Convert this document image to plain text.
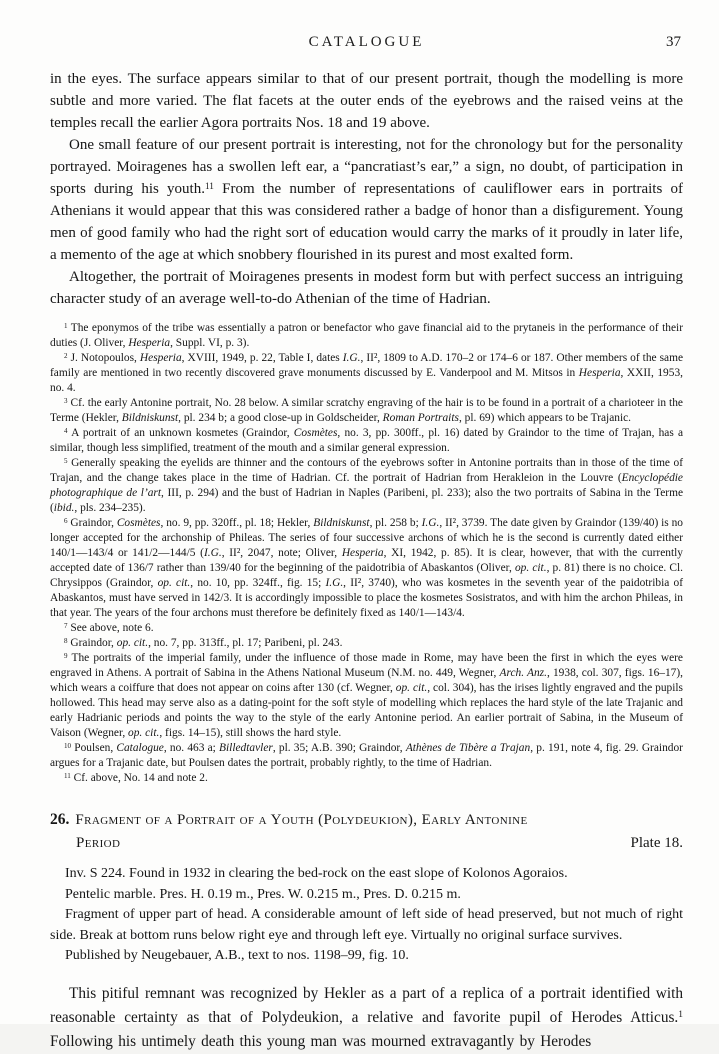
CATALOGUE	37

in the eyes. The surface appears similar to that of our present portrait, though the modelling is more subtle and more varied. The flat facets at the outer ends of the eyebrows and the raised veins at the temples recall the earlier Agora portraits Nos. 18 and 19 above.

One small feature of our present portrait is interesting, not for the chronology but for the personality portrayed. Moiragenes has a swollen left ear, a “pancratiast’s ear,” a sign, no doubt, of participation in sports during his youth.$^{11}$ From the number of representations of cauliflower ears in portraits of Athenians it would appear that this was considered rather a badge of honor than a disfigurement. Young men of good family who had the right sort of education would carry the marks of it proudly in later life, a memento of the age at which snobbery flourished in its purest and most exalted form.

Altogether, the portrait of Moiragenes presents in modest form but with perfect success an intriguing character study of an average well-to-do Athenian of the time of Hadrian.

$^1$ The eponymos of the tribe was essentially a patron or benefactor who gave financial aid to the prytaneis in the performance of their duties (J. Oliver, Hesperia, Suppl. VI, p. 3).

$^2$ J. Notopoulos, Hesperia, XVIII, 1949, p. 22, Table I, dates I.G., II², 1809 to A.D. 170–2 or 174–6 or 187. Other members of the same family are mentioned in two recently discovered grave monuments discussed by E. Vanderpool and M. Mitsos in Hesperia, XXII, 1953, no. 4.

$^3$ Cf. the early Antonine portrait, No. 28 below. A similar scratchy engraving of the hair is to be found in a portrait of a charioteer in the Terme (Hekler, Bildniskunst, pl. 234 b; a good close-up in Goldscheider, Roman Portraits, pl. 69) which appears to be Trajanic.

$^4$ A portrait of an unknown kosmetes (Graindor, Cosmètes, no. 3, pp. 300ff., pl. 16) dated by Graindor to the time of Trajan, has a similar, though less simplified, treatment of the mouth and a similar general expression.

$^5$ Generally speaking the eyelids are thinner and the contours of the eyebrows softer in Antonine portraits than in those of the time of Trajan, and the change takes place in the time of Hadrian. Cf. the portrait of Hadrian from Herakleion in the Louvre (Encyclopédie photographique de l’art, III, p. 294) and the bust of Hadrian in Naples (Paribeni, pl. 233); also the two portraits of Sabina in the Terme (ibid., pls. 234–235).

$^6$ Graindor, Cosmètes, no. 9, pp. 320ff., pl. 18; Hekler, Bildniskunst, pl. 258 b; I.G., II², 3739. The date given by Graindor (139/40) is no longer accepted for the archonship of Phileas. The series of four successive archons of which he is the second is currently dated either 140/1—143/4 or 141/2—144/5 (I.G., II², 2047, note; Oliver, Hesperia, XI, 1942, p. 85). It is clear, however, that with the currently accepted date of 136/7 rather than 139/40 for the beginning of the paidotribia of Abaskantos (Oliver, op. cit., p. 81) there is no choice. Cl. Chrysippos (Graindor, op. cit., no. 10, pp. 324ff., fig. 15; I.G., II², 3740), who was kosmetes in the seventh year of the paidotribia of Abaskantos, must have served in 142/3. It is accordingly impossible to place the kosmetes Sosistratos, and with him the archon Phileas, in that year. The years of the four archons must therefore be definitely fixed as 140/1—143/4.

$^7$ See above, note 6.

$^8$ Graindor, op. cit., no. 7, pp. 313ff., pl. 17; Paribeni, pl. 243.

$^9$ The portraits of the imperial family, under the influence of those made in Rome, may have been the first in which the eyes were engraved in Athens. A portrait of Sabina in the Athens National Museum (N.M. no. 449, Wegner, Arch. Anz., 1938, col. 307, figs. 16–17), which wears a coiffure that does not appear on coins after 130 (cf. Wegner, op. cit., col. 304), has the irises lightly engraved and the pupils hollowed. This head may serve also as a dating-point for the soft style of modelling which replaces the hard style of the late Trajanic and early Hadrianic periods and points the way to the style of the early Antonine period. An earlier portrait of Sabina, in the Museum of Vaison (Wegner, op. cit., figs. 14–15), still shows the hard style.

$^{10}$ Poulsen, Catalogue, no. 463 a; Billedtavler, pl. 35; A.B. 390; Graindor, Athènes de Tibère a Trajan, p. 191, note 4, fig. 29. Graindor argues for a Trajanic date, but Poulsen dates the portrait, probably rightly, to the time of Hadrian.

$^{11}$ Cf. above, No. 14 and note 2.

26. Fragment of a Portrait of a Youth (Polydeukion), Early Antonine
Period	Plate 18.

Inv. S 224. Found in 1932 in clearing the bed-rock on the east slope of Kolonos Agoraios.

Pentelic marble. Pres. H. 0.19 m., Pres. W. 0.215 m., Pres. D. 0.215 m.

Fragment of upper part of head. A considerable amount of left side of head preserved, but not much of right side. Break at bottom runs below right eye and through left eye. Virtually no original surface survives.

Published by Neugebauer, A.B., text to nos. 1198–99, fig. 10.

This pitiful remnant was recognized by Hekler as a part of a replica of a portrait identified with reasonable certainty as that of Polydeukion, a relative and favorite pupil of Herodes Atticus.$^1$ Following his untimely death this young man was mourned extravagantly by Herodes
